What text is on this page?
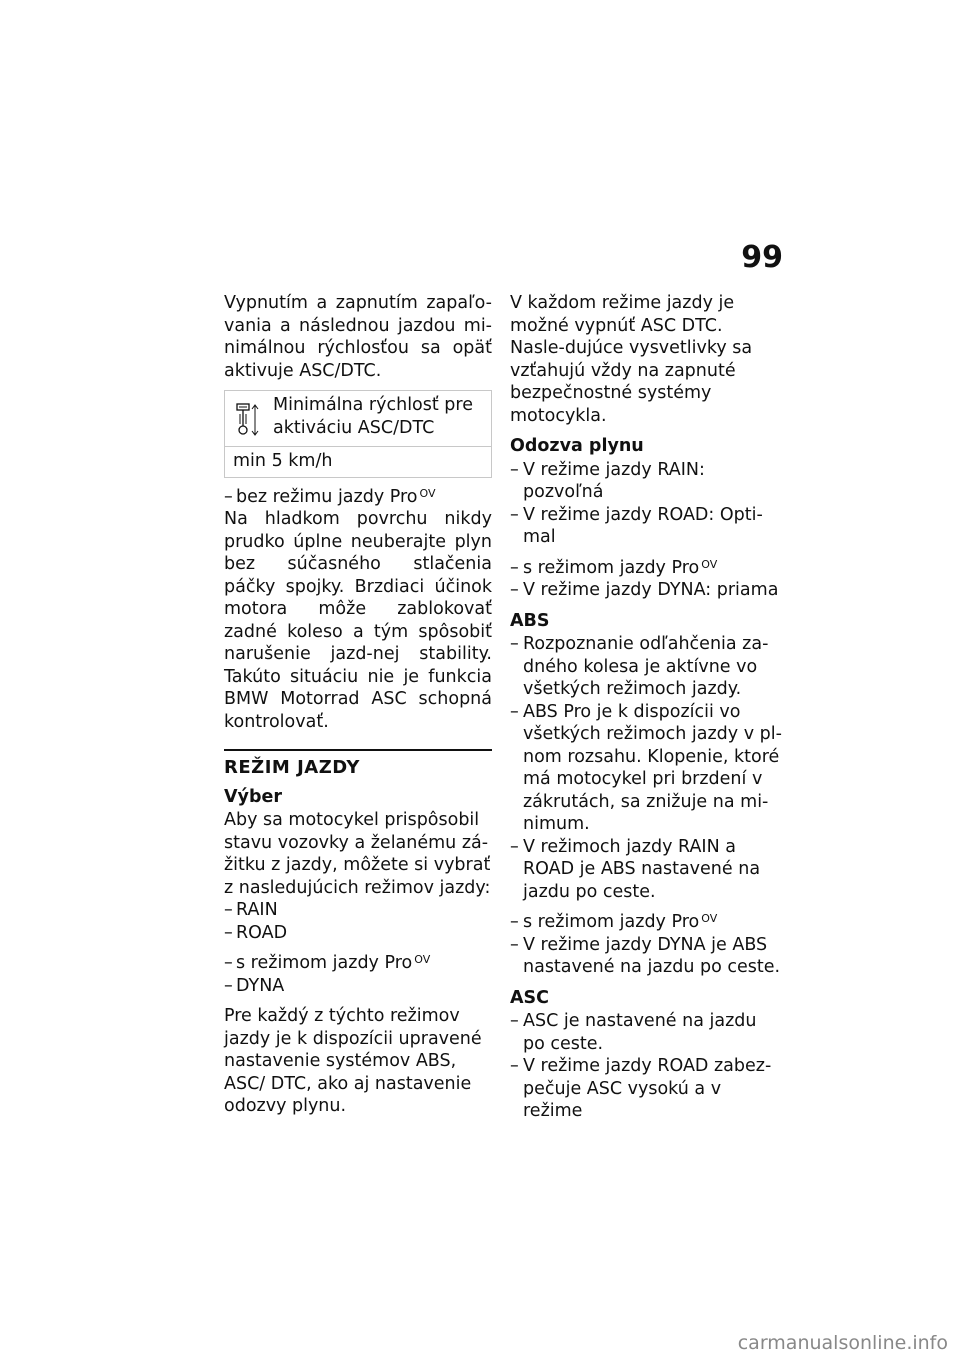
99

Vypnutím a zapnutím zapaľo-vania a následnou jazdou mi-nimálnou rýchlosťou sa opäť aktivuje ASC/DTC.

Minimálna rýchlosť pre aktiváciu ASC/DTC
min 5 km/h
– bez režimu jazdy Pro $^{OV}$

Na hladkom povrchu nikdy prudko úplne neuberajte plyn bez súčasného stlačenia páčky spojky. Brzdiaci účinok motora môže zablokovať zadné koleso a tým spôsobiť narušenie jazd-nej stability. Takúto situáciu nie je funkcia BMW Motorrad ASC schopná kontrolovať.

REŽIM JAZDY
Výber

Aby sa motocykel prispôsobil stavu vozovky a želanému zá-žitku z jazdy, môžete si vybrať z nasledujúcich režimov jazdy:

– RAIN
– ROAD
– s režimom jazdy Pro $^{OV}$
– DYNA

Pre každý z týchto režimov jazdy je k dispozícii upravené nastavenie systémov ABS, ASC/ DTC, ako aj nastavenie odozvy plynu.

V každom režime jazdy je možné vypnúť ASC DTC. Nasle-dujúce vysvetlivky sa vzťahujú vždy na zapnuté bezpečnostné systémy motocykla.

Odozva plynu
– V režime jazdy RAIN: pozvoľná
– V režime jazdy ROAD: Opti-mal
– s režimom jazdy Pro $^{OV}$
– V režime jazdy DYNA: priama
ABS
– Rozpoznanie odľahčenia za-dného kolesa je aktívne vo všetkých režimoch jazdy.
– ABS Pro je k dispozícii vo všetkých režimoch jazdy v pl-nom rozsahu. Klopenie, ktoré má motocykel pri brzdení v zákrutách, sa znižuje na mi-nimum.
– V režimoch jazdy RAIN a ROAD je ABS nastavené na jazdu po ceste.
– s režimom jazdy Pro $^{OV}$
– V režime jazdy DYNA je ABS nastavené na jazdu po ceste.
ASC
– ASC je nastavené na jazdu po ceste.
– V režime jazdy ROAD zabez-pečuje ASC vysokú a v režime
carmanualsonline.info
